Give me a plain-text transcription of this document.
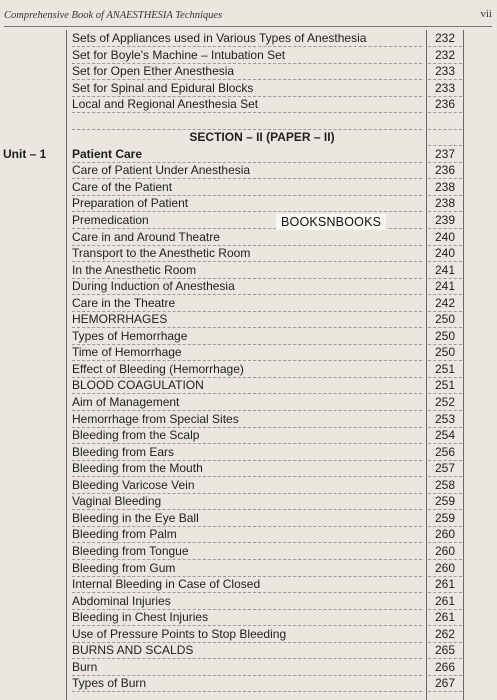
Comprehensive Book of ANAESTHESIA Techniques	vii
Sets of Appliances used in Various Types of Anesthesia	232
Set for Boyle's Machine – Intubation Set	232
Set for Open Ether Anesthesia	233
Set for Spinal and Epidural Blocks	233
Local and Regional Anesthesia Set	236
SECTION – II (PAPER – II)
Unit – 1 Patient Care	237
Care of Patient Under Anesthesia	236
Care of the Patient	238
Preparation of Patient	238
Premedication	239
Care in and Around Theatre	240
Transport to the Anesthetic Room	240
In the Anesthetic Room	241
During Induction of Anesthesia	241
Care in the Theatre	242
HEMORRHAGES	250
Types of Hemorrhage	250
Time of Hemorrhage	250
Effect of Bleeding (Hemorrhage)	251
BLOOD COAGULATION	251
Aim of Management	252
Hemorrhage from Special Sites	253
Bleeding from the Scalp	254
Bleeding from Ears	256
Bleeding from the Mouth	257
Bleeding Varicose Vein	258
Vaginal Bleeding	259
Bleeding in the Eye Ball	259
Bleeding from Palm	260
Bleeding from Tongue	260
Bleeding from Gum	260
Internal Bleeding in Case of Closed	261
Abdominal Injuries	261
Bleeding in Chest Injuries	261
Use of Pressure Points to Stop Bleeding	262
BURNS AND SCALDS	265
Burn	266
Types of Burn	267
BOOKSNBOOKS
